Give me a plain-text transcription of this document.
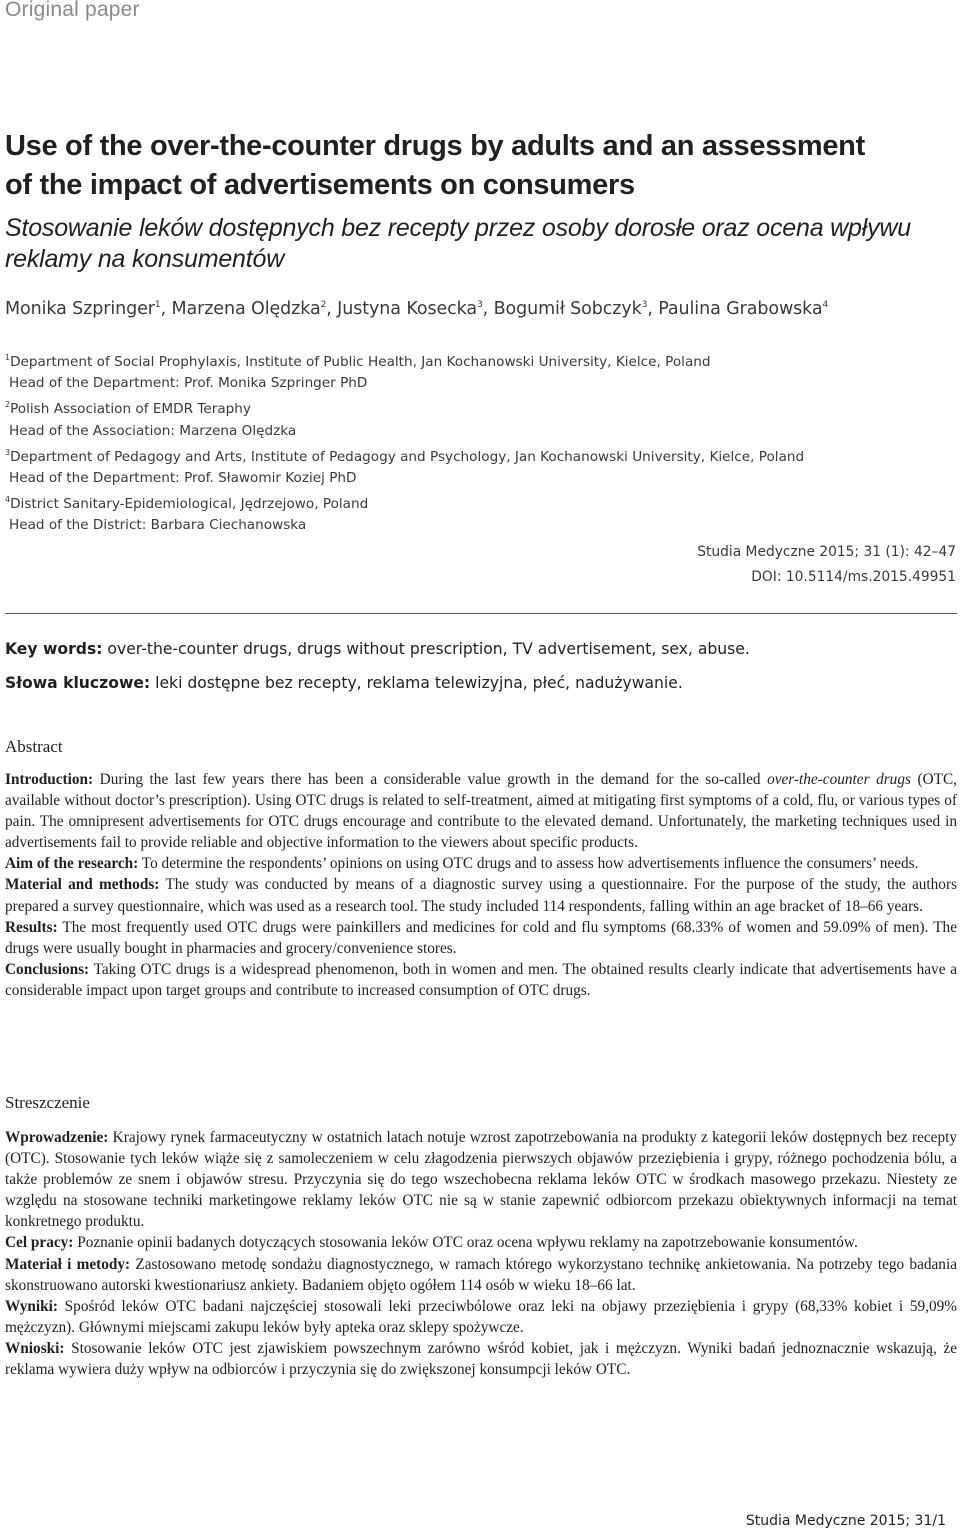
Original paper
Use of the over-the-counter drugs by adults and an assessment
of the impact of advertisements on consumers
Stosowanie leków dostępnych bez recepty przez osoby dorosłe oraz ocena wpływu
reklamy na konsumentów
Monika Szpringer$^1$, Marzena Olędzka$^2$, Justyna Kosecka$^3$, Bogumił Sobczyk$^3$, Paulina Grabowska$^4$
$^1$Department of Social Prophylaxis, Institute of Public Health, Jan Kochanowski University, Kielce, Poland
Head of the Department: Prof. Monika Szpringer PhD
$^2$Polish Association of EMDR Teraphy
Head of the Association: Marzena Olędzka
$^3$Department of Pedagogy and Arts, Institute of Pedagogy and Psychology, Jan Kochanowski University, Kielce, Poland
Head of the Department: Prof. Sławomir Koziej PhD
$^4$District Sanitary-Epidemiological, Jędrzejowo, Poland
Head of the District: Barbara Ciechanowska
Studia Medyczne 2015; 31 (1): 42–47
DOI: 10.5114/ms.2015.49951
Key words: over-the-counter drugs, drugs without prescription, TV advertisement, sex, abuse.
Słowa kluczowe: leki dostępne bez recepty, reklama telewizyjna, płeć, nadużywanie.
Abstract

Introduction: During the last few years there has been a considerable value growth in the demand for the so-called over-the-counter drugs (OTC, available without doctor’s prescription). Using OTC drugs is related to self-treatment, aimed at mitigating first symptoms of a cold, flu, or various types of pain. The omnipresent advertisements for OTC drugs encourage and contribute to the elevated demand. Unfortunately, the marketing techniques used in advertisements fail to provide reliable and objective information to the viewers about specific products.

Aim of the research: To determine the respondents’ opinions on using OTC drugs and to assess how advertisements influence the consumers’ needs.

Material and methods: The study was conducted by means of a diagnostic survey using a questionnaire. For the purpose of the study, the authors prepared a survey questionnaire, which was used as a research tool. The study included 114 respondents, falling within an age bracket of 18–66 years.

Results: The most frequently used OTC drugs were painkillers and medicines for cold and flu symptoms (68.33% of women and 59.09% of men). The drugs were usually bought in pharmacies and grocery/convenience stores.

Conclusions: Taking OTC drugs is a widespread phenomenon, both in women and men. The obtained results clearly indicate that advertisements have a considerable impact upon target groups and contribute to increased consumption of OTC drugs.

Streszczenie

Wprowadzenie: Krajowy rynek farmaceutyczny w ostatnich latach notuje wzrost zapotrzebowania na produkty z kategorii leków dostępnych bez recepty (OTC). Stosowanie tych leków wiąże się z samoleczeniem w celu złagodzenia pierwszych objawów przeziębienia i grypy, różnego pochodzenia bólu, a także problemów ze snem i objawów stresu. Przyczynia się do tego wszechobecna reklama leków OTC w środkach masowego przekazu. Niestety ze względu na stosowane techniki marketingowe reklamy leków OTC nie są w stanie zapewnić odbiorcom przekazu obiektywnych informacji na temat konkretnego produktu.

Cel pracy: Poznanie opinii badanych dotyczących stosowania leków OTC oraz ocena wpływu reklamy na zapotrzebowanie konsumentów.

Materiał i metody: Zastosowano metodę sondażu diagnostycznego, w ramach którego wykorzystano technikę ankietowania. Na potrzeby tego badania skonstruowano autorski kwestionariusz ankiety. Badaniem objęto ogółem 114 osób w wieku 18–66 lat.

Wyniki: Spośród leków OTC badani najczęściej stosowali leki przeciwbólowe oraz leki na objawy przeziębienia i grypy (68,33% kobiet i 59,09% mężczyzn). Głównymi miejscami zakupu leków były apteka oraz sklepy spożywcze.

Wnioski: Stosowanie leków OTC jest zjawiskiem powszechnym zarówno wśród kobiet, jak i mężczyzn. Wyniki badań jednoznacznie wskazują, że reklama wywiera duży wpływ na odbiorców i przyczynia się do zwiększonej konsumpcji leków OTC.

Studia Medyczne 2015; 31/1
